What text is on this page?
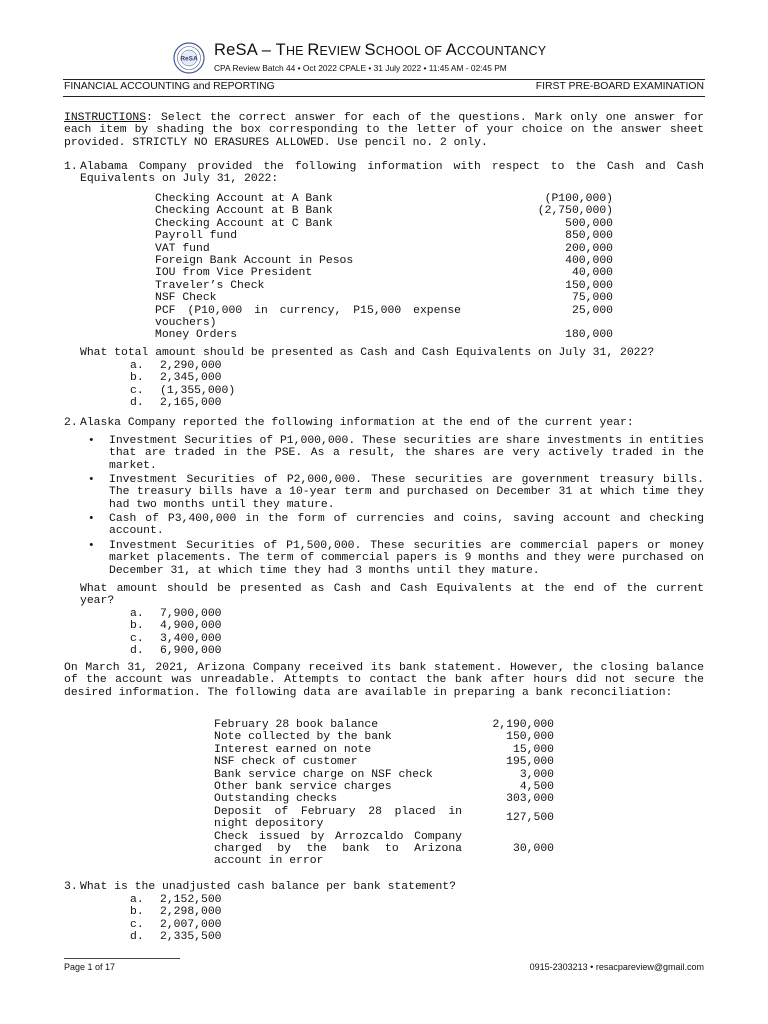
ReSA ReSA – THE REVIEW SCHOOL OF ACCOUNTANCY
CPA Review Batch 44 • Oct 2022 CPALE • 31 July 2022 • 11:45 AM - 02:45 PM
FINANCIAL ACCOUNTING and REPORTING	FIRST PRE-BOARD EXAMINATION
INSTRUCTIONS: Select the correct answer for each of the questions. Mark only one answer for each item by shading the box corresponding to the letter of your choice on the answer sheet provided. STRICTLY NO ERASURES ALLOWED. Use pencil no. 2 only.
1. Alabama Company provided the following information with respect to the Cash and Cash Equivalents on July 31, 2022:
Checking Account at A Bank	(P100,000)
Checking Account at B Bank	(2,750,000)
Checking Account at C Bank	500,000
Payroll fund	850,000
VAT fund	200,000
Foreign Bank Account in Pesos	400,000
IOU from Vice President	40,000
Traveler’s Check	150,000
NSF Check	75,000
PCF (P10,000 in currency, P15,000 expense vouchers)	25,000
Money Orders	180,000
What total amount should be presented as Cash and Cash Equivalents on July 31, 2022?
a.	2,290,000
b.	2,345,000
c.	(1,355,000)
d.	2,165,000
2. Alaska Company reported the following information at the end of the current year:
• Investment Securities of P1,000,000. These securities are share investments in entities that are traded in the PSE. As a result, the shares are very actively traded in the market.
• Investment Securities of P2,000,000. These securities are government treasury bills. The treasury bills have a 10-year term and purchased on December 31 at which time they had two months until they mature.
• Cash of P3,400,000 in the form of currencies and coins, saving account and checking account.
• Investment Securities of P1,500,000. These securities are commercial papers or money market placements. The term of commercial papers is 9 months and they were purchased on December 31, at which time they had 3 months until they mature.
What amount should be presented as Cash and Cash Equivalents at the end of the current year?
a.	7,900,000
b.	4,900,000
c.	3,400,000
d.	6,900,000
On March 31, 2021, Arizona Company received its bank statement. However, the closing balance of the account was unreadable. Attempts to contact the bank after hours did not secure the desired information. The following data are available in preparing a bank reconciliation:
February 28 book balance	2,190,000
Note collected by the bank	150,000
Interest earned on note	15,000
NSF check of customer	195,000
Bank service charge on NSF check	3,000
Other bank service charges	4,500
Outstanding checks	303,000
Deposit of February 28 placed in night depository	127,500
Check issued by Arrozcaldo Company charged by the bank to Arizona account in error	30,000
3. What is the unadjusted cash balance per bank statement?
a.	2,152,500
b.	2,298,000
c.	2,007,000
d.	2,335,500
Page 1 of 17	0915-2303213 • resacpareview@gmail.com
